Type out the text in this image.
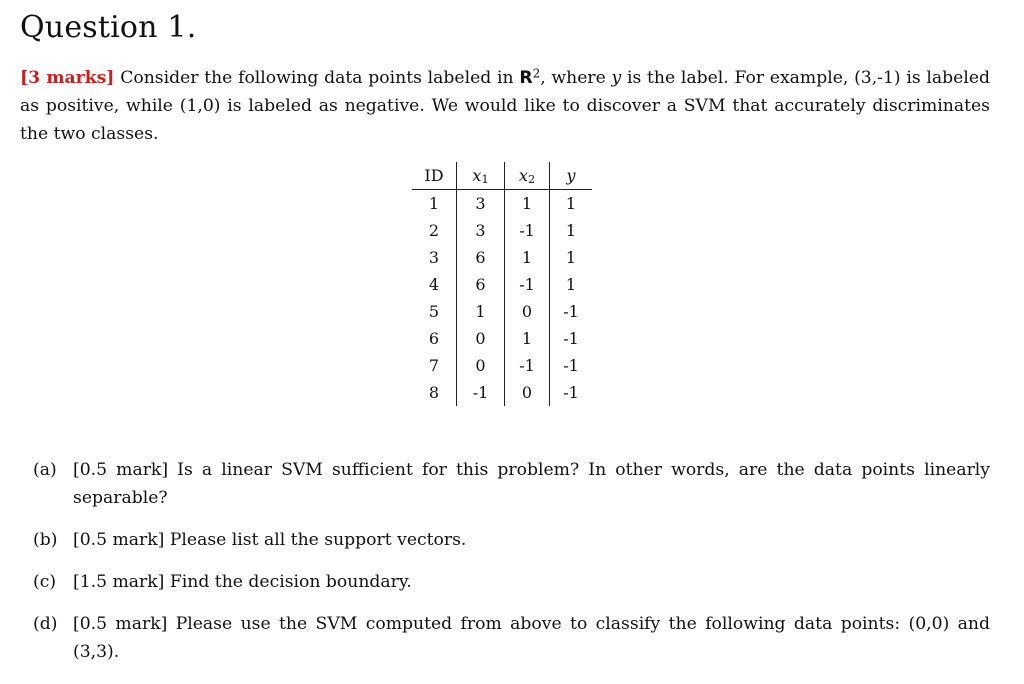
Question 1.

[3 marks] Consider the following data points labeled in $R^2$, where y is the label. For example, (3,-1) is labeled as positive, while (1,0) is labeled as negative. We would like to discover a SVM that accurately discriminates the two classes.

ID	$x_1$	$x_2$	y
1	3	1	1
2	3	-1	1
3	6	1	1
4	6	-1	1
5	1	0	-1
6	0	1	-1
7	0	-1	-1
8	-1	0	-1
(a) [0.5 mark] Is a linear SVM sufficient for this problem? In other words, are the data points linearly separable?
(b) [0.5 mark] Please list all the support vectors.
(c) [1.5 mark] Find the decision boundary.
(d) [0.5 mark] Please use the SVM computed from above to classify the following data points: (0,0) and (3,3).
